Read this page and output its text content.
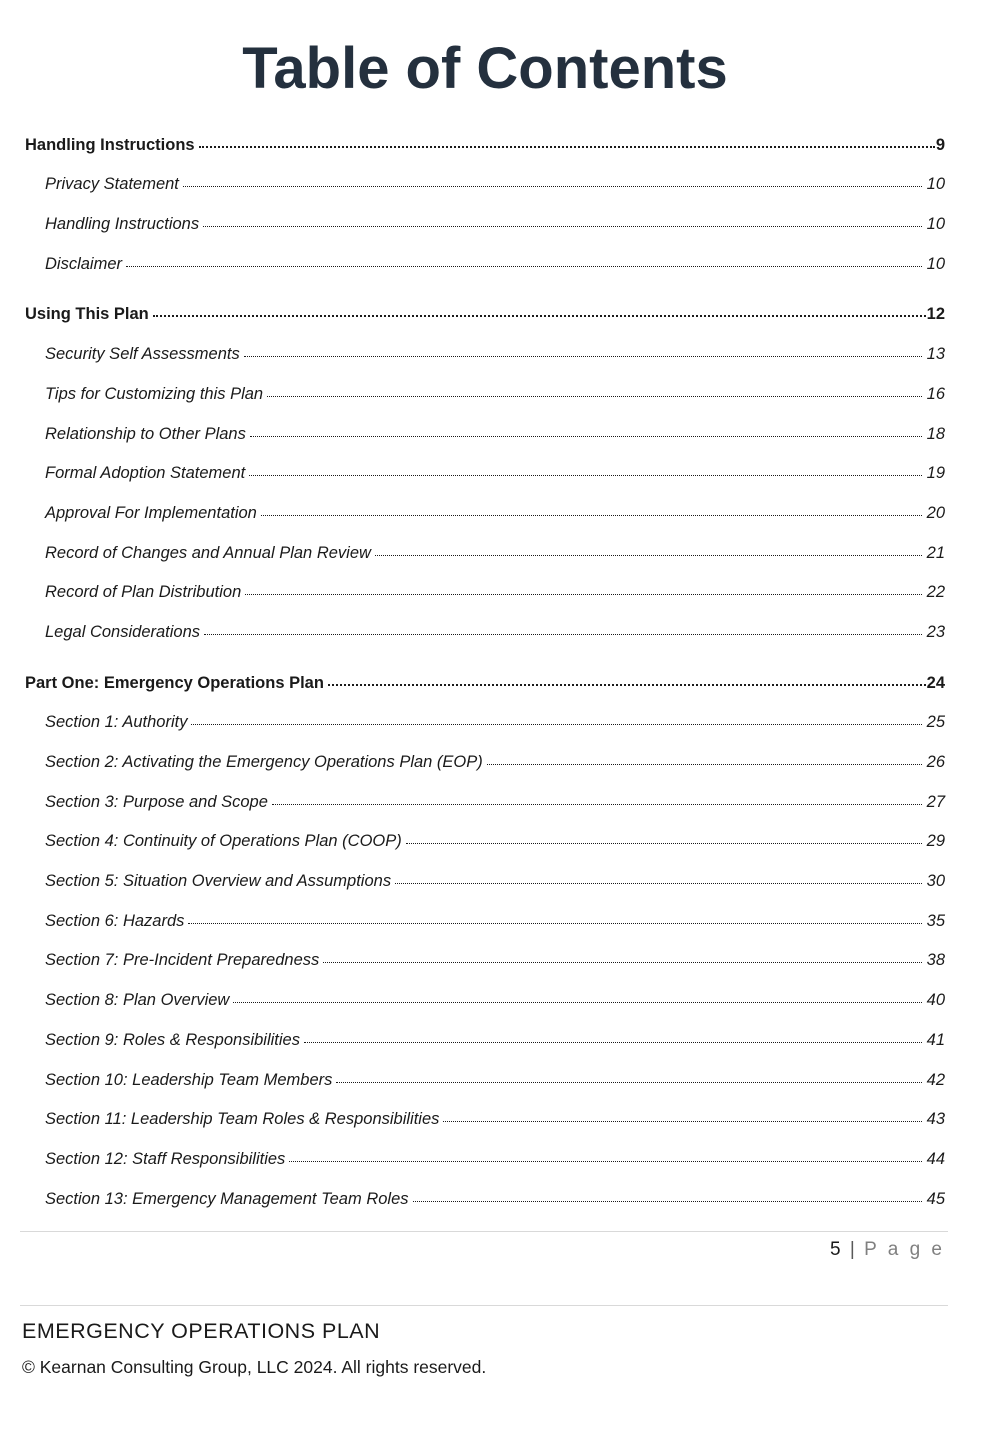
Table of Contents
Handling Instructions	9
Privacy Statement	10
Handling Instructions	10
Disclaimer	10
Using This Plan	12
Security Self Assessments	13
Tips for Customizing this Plan	16
Relationship to Other Plans	18
Formal Adoption Statement	19
Approval For Implementation	20
Record of Changes and Annual Plan Review	21
Record of Plan Distribution	22
Legal Considerations	23
Part One: Emergency Operations Plan	24
Section 1: Authority	25
Section 2: Activating the Emergency Operations Plan (EOP)	26
Section 3: Purpose and Scope	27
Section 4: Continuity of Operations Plan (COOP)	29
Section 5: Situation Overview and Assumptions	30
Section 6: Hazards	35
Section 7: Pre-Incident Preparedness	38
Section 8: Plan Overview	40
Section 9: Roles & Responsibilities	41
Section 10: Leadership Team Members	42
Section 11: Leadership Team Roles & Responsibilities	43
Section 12: Staff Responsibilities	44
Section 13: Emergency Management Team Roles	45
5 | P a g e
EMERGENCY OPERATIONS PLAN
© Kearnan Consulting Group, LLC 2024. All rights reserved.
